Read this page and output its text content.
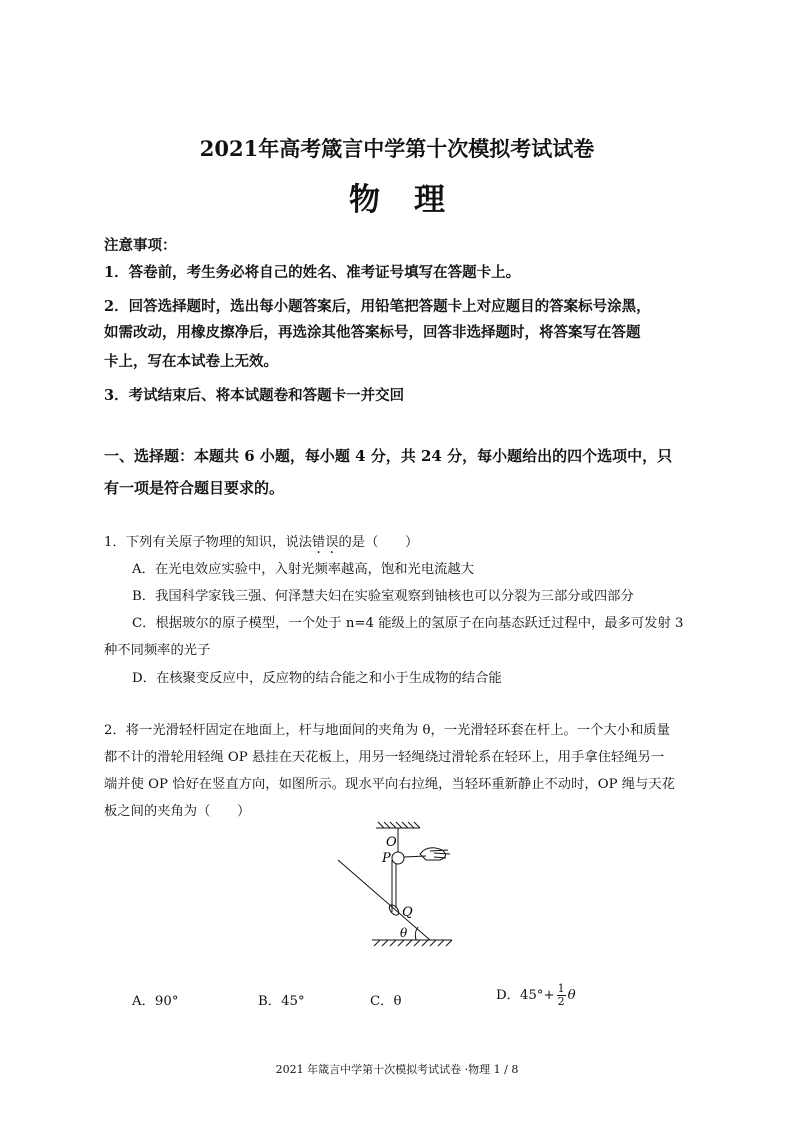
2021年高考箴言中学第十次模拟考试试卷
物理
注意事项：
1．答卷前，考生务必将自己的姓名、准考证号填写在答题卡上。
2．回答选择题时，选出每小题答案后，用铅笔把答题卡上对应题目的答案标号涂黑，
如需改动，用橡皮擦净后，再选涂其他答案标号，回答非选择题时，将答案写在答题
卡上，写在本试卷上无效。
3．考试结束后、将本试题卷和答题卡一并交回
一、选择题：本题共 6 小题，每小题 4 分，共 24 分，每小题给出的四个选项中，只
有一项是符合题目要求的。
1．下列有关原子物理的知识，说法错误的是（　　）
A．在光电效应实验中，入射光频率越高，饱和光电流越大
B．我国科学家钱三强、何泽慧夫妇在实验室观察到铀核也可以分裂为三部分或四部分
C．根据玻尔的原子模型，一个处于 n=4 能级上的氢原子在向基态跃迁过程中，最多可发射 3
种不同频率的光子
D．在核聚变反应中，反应物的结合能之和小于生成物的结合能
2．将一光滑轻杆固定在地面上，杆与地面间的夹角为 θ，一光滑轻环套在杆上。一个大小和质量
都不计的滑轮用轻绳 OP 悬挂在天花板上，用另一轻绳绕过滑轮系在轻环上，用手拿住轻绳另一
端并使 OP 恰好在竖直方向，如图所示。现水平向右拉绳，当轻环重新静止不动时，OP 绳与天花
板之间的夹角为（　　）
O
P
Q
θ
A．90°	B．45°	C．θ	D．$45^\circ+ \frac{1}{2}$ θ
2021 年箴言中学第十次模拟考试试卷 ·物理 1 / 8
